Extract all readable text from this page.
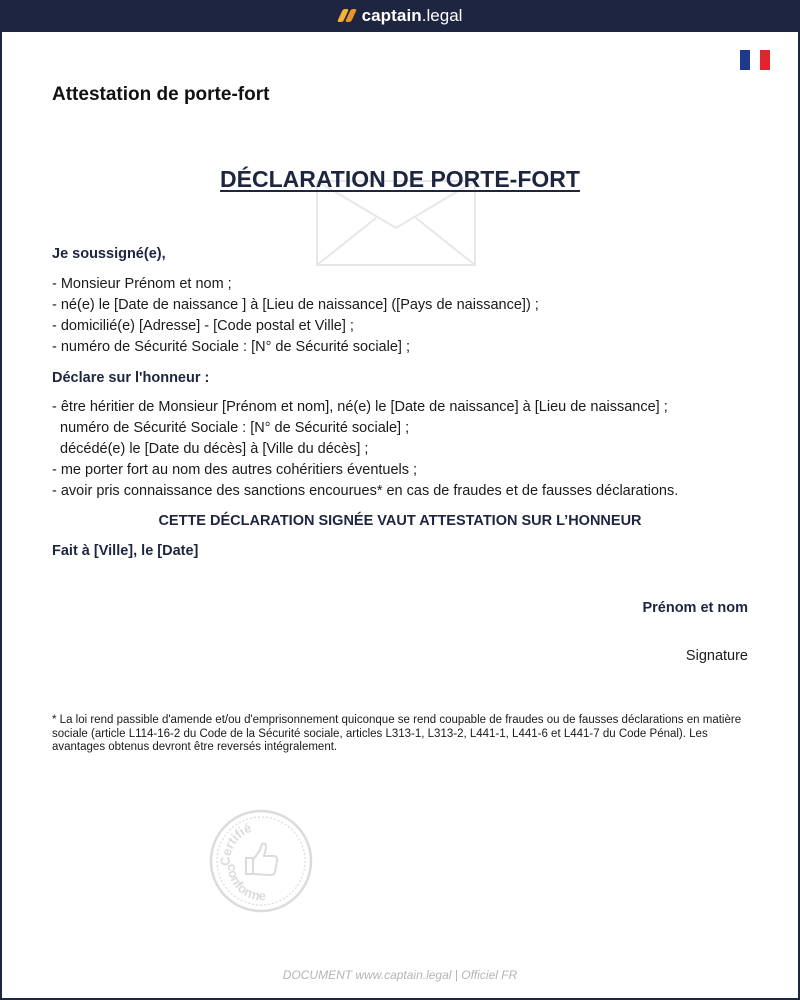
captain .legal
Attestation de porte-fort
DÉCLARATION DE PORTE-FORT
Je soussigné(e),
- Monsieur Prénom et nom ;
- né(e) le [Date de naissance ] à [Lieu de naissance] ([Pays de naissance]) ;
- domicilié(e) [Adresse] - [Code postal et Ville] ;
- numéro de Sécurité Sociale : [N° de Sécurité sociale] ;
Déclare sur l'honneur :
- être héritier de Monsieur [Prénom et nom], né(e) le [Date de naissance] à [Lieu de naissance] ;
numéro de Sécurité Sociale : [N° de Sécurité sociale] ;
décédé(e) le [Date du décès] à [Ville du décès] ;
- me porter fort au nom des autres cohéritiers éventuels ;
- avoir pris connaissance des sanctions encourues* en cas de fraudes et de fausses déclarations.
CETTE DÉCLARATION SIGNÉE VAUT ATTESTATION SUR L’HONNEUR
Fait à [Ville], le [Date]
Prénom et nom
Signature
* La loi rend passible d'amende et/ou d'emprisonnement quiconque se rend coupable de fraudes ou de fausses déclarations en matière sociale (article L114-16-2 du Code de la Sécurité sociale, articles L313-1, L313-2, L441-1, L441-6 et L441-7 du Code Pénal). Les avantages obtenus devront être reversés intégralement.
Certifié
conforme
DOCUMENT www.captain.legal | Officiel FR
